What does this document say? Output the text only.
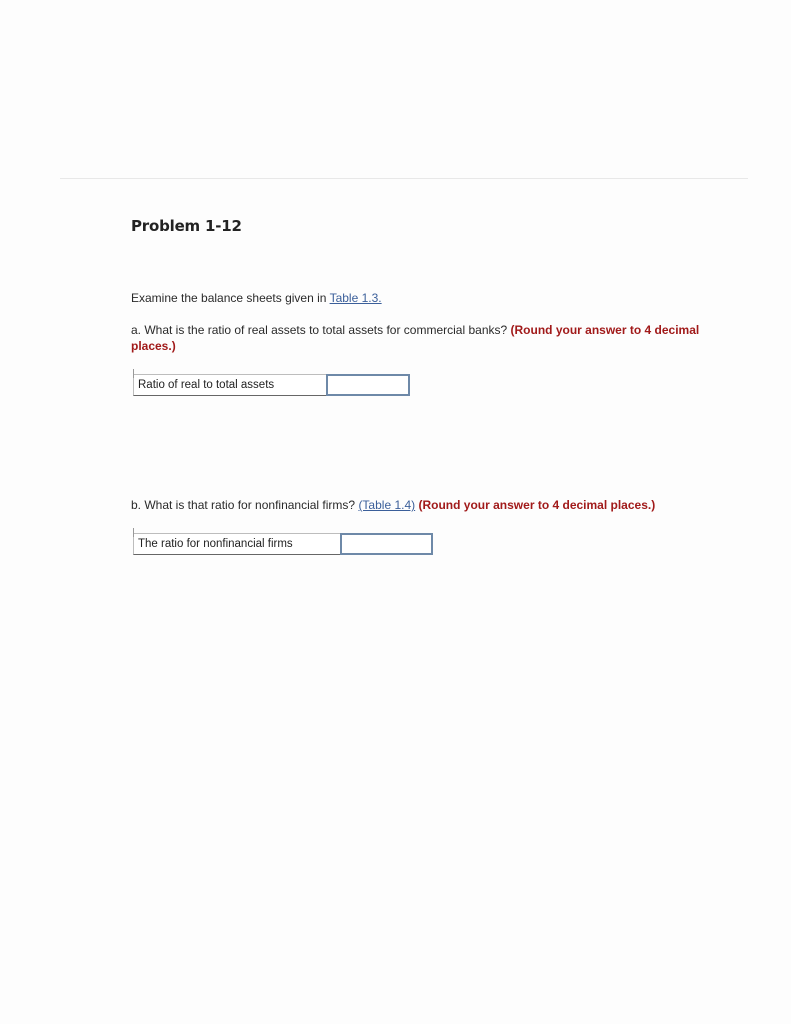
Problem 1-12
Examine the balance sheets given in Table 1.3.
a. What is the ratio of real assets to total assets for commercial banks? (Round your answer to 4 decimal places.)
Ratio of real to total assets
b. What is that ratio for nonfinancial firms? (Table 1.4) (Round your answer to 4 decimal places.)
The ratio for nonfinancial firms
